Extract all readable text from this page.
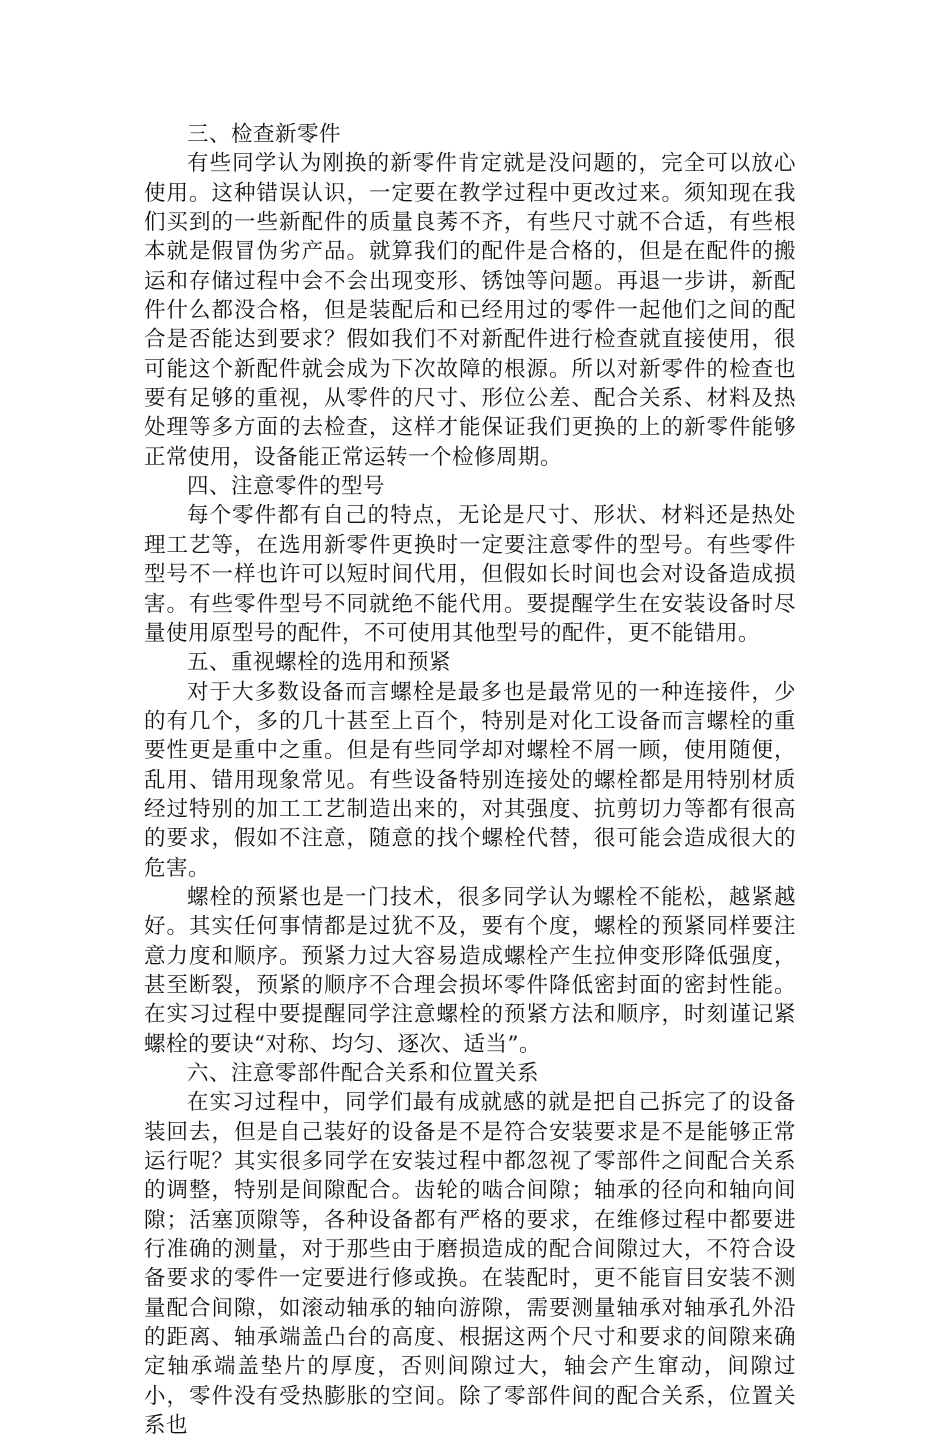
三、检查新零件

有些同学认为刚换的新零件肯定就是没问题的，完全可以放心使用。这种错误认识，一定要在教学过程中更改过来。须知现在我们买到的一些新配件的质量良莠不齐，有些尺寸就不合适，有些根本就是假冒伪劣产品。就算我们的配件是合格的，但是在配件的搬运和存储过程中会不会出现变形、锈蚀等问题。再退一步讲，新配件什么都没合格，但是装配后和已经用过的零件一起他们之间的配合是否能达到要求？假如我们不对新配件进行检查就直接使用，很可能这个新配件就会成为下次故障的根源。所以对新零件的检查也要有足够的重视，从零件的尺寸、形位公差、配合关系、材料及热处理等多方面的去检查，这样才能保证我们更换的上的新零件能够正常使用，设备能正常运转一个检修周期。

四、注意零件的型号

每个零件都有自己的特点，无论是尺寸、形状、材料还是热处理工艺等，在选用新零件更换时一定要注意零件的型号。有些零件型号不一样也许可以短时间代用，但假如长时间也会对设备造成损害。有些零件型号不同就绝不能代用。要提醒学生在安装设备时尽量使用原型号的配件，不可使用其他型号的配件，更不能错用。

五、重视螺栓的选用和预紧

对于大多数设备而言螺栓是最多也是最常见的一种连接件，少的有几个，多的几十甚至上百个，特别是对化工设备而言螺栓的重要性更是重中之重。但是有些同学却对螺栓不屑一顾，使用随便，乱用、错用现象常见。有些设备特别连接处的螺栓都是用特别材质经过特别的加工工艺制造出来的，对其强度、抗剪切力等都有很高的要求，假如不注意，随意的找个螺栓代替，很可能会造成很大的危害。

螺栓的预紧也是一门技术，很多同学认为螺栓不能松，越紧越好。其实任何事情都是过犹不及，要有个度，螺栓的预紧同样要注意力度和顺序。预紧力过大容易造成螺栓产生拉伸变形降低强度，甚至断裂，预紧的顺序不合理会损坏零件降低密封面的密封性能。在实习过程中要提醒同学注意螺栓的预紧方法和顺序，时刻谨记紧螺栓的要诀“对称、均匀、逐次、适当”。

六、注意零部件配合关系和位置关系

在实习过程中，同学们最有成就感的就是把自己拆完了的设备装回去，但是自己装好的设备是不是符合安装要求是不是能够正常运行呢？其实很多同学在安装过程中都忽视了零部件之间配合关系的调整，特别是间隙配合。齿轮的啮合间隙；轴承的径向和轴向间隙；活塞顶隙等，各种设备都有严格的要求，在维修过程中都要进行准确的测量，对于那些由于磨损造成的配合间隙过大，不符合设备要求的零件一定要进行修或换。在装配时，更不能盲目安装不测量配合间隙，如滚动轴承的轴向游隙，需要测量轴承对轴承孔外沿的距离、轴承端盖凸台的高度、根据这两个尺寸和要求的间隙来确定轴承端盖垫片的厚度，否则间隙过大，轴会产生窜动，间隙过小，零件没有受热膨胀的空间。除了零部件间的配合关系，位置关系也
